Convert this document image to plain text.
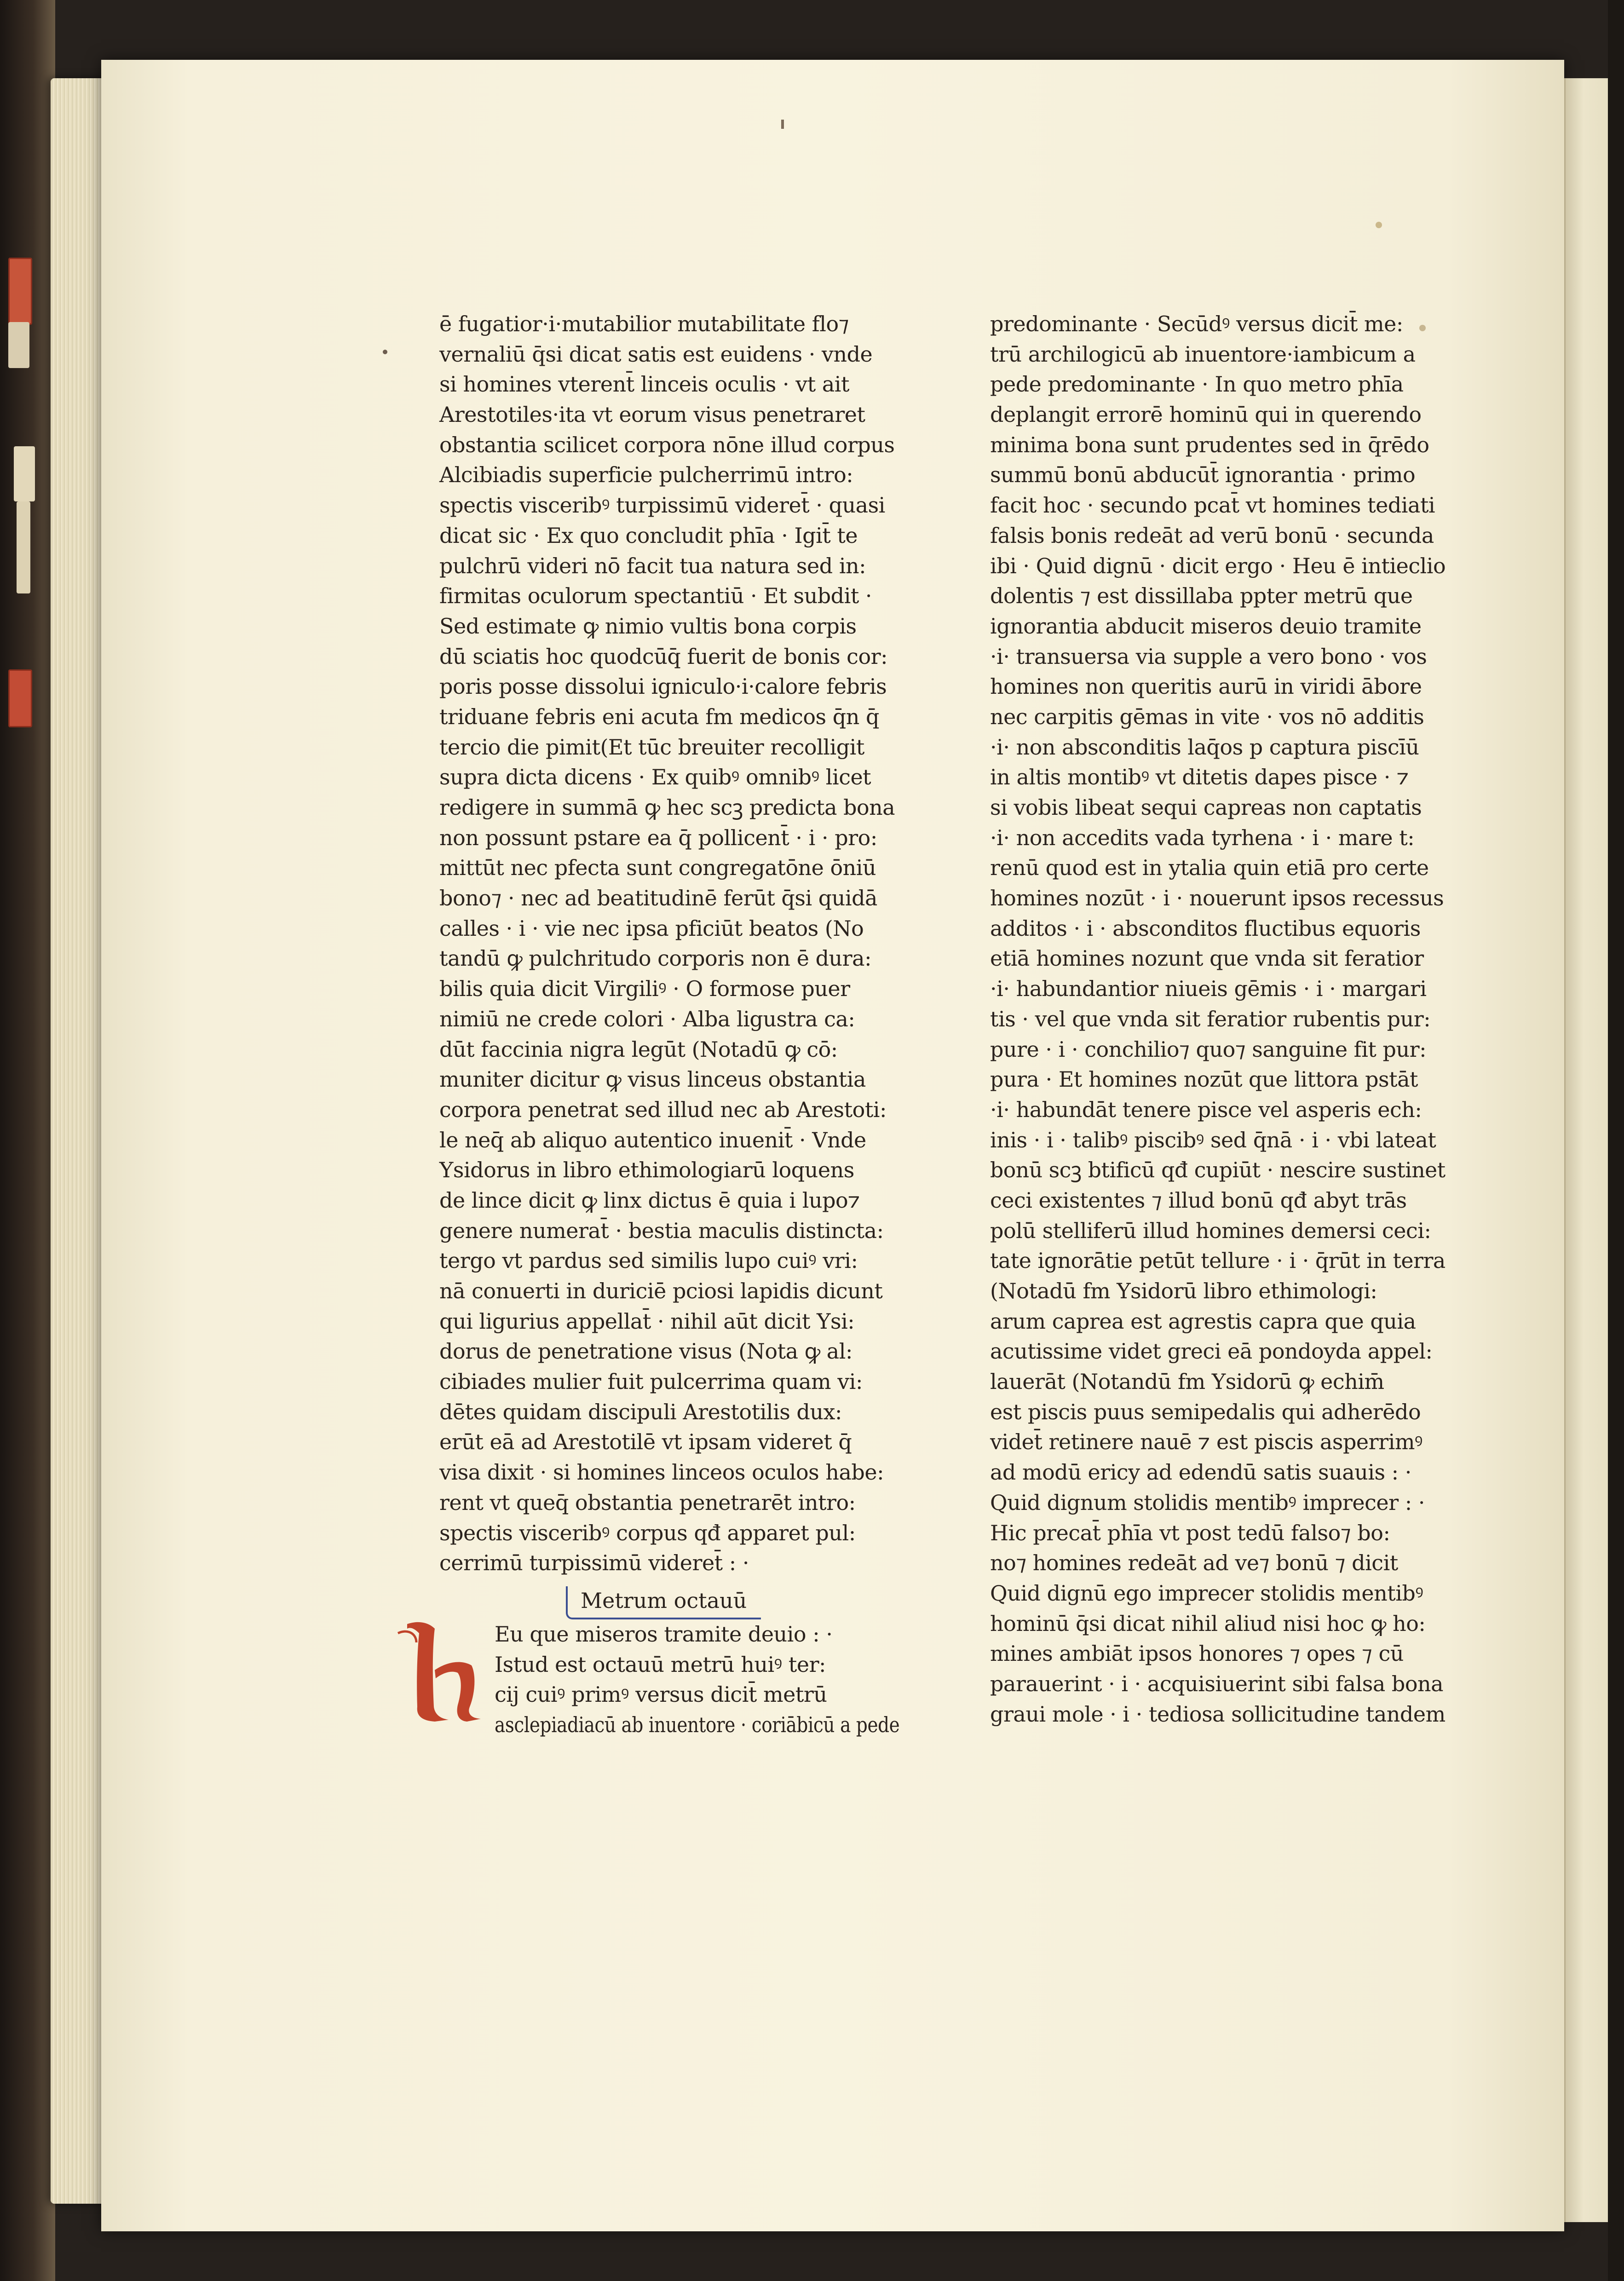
ē fugatior·i·mutabilior mutabilitate flo⁊
vernaliū q̄si dicat satis est euidens · vnde
si homines vterent̄ linceis oculis · vt ait
Arestotiles·ita vt eorum visus penetraret
obstantia scilicet corpora nōne illud corpus
Alcibiadis superficie pulcherrimū intro:
spectis visceribꝰ turpissimū videret̄ · quasi
dicat sic · Ex quo concludit phīa · Igit̄ te
pulchrū videri nō facit tua natura sed in:
firmitas oculorum spectantiū · Et subdit ·
Sed estimate ꝙ nimio vultis bona corpis
dū sciatis hoc quodcūq̄ fuerit de bonis cor:
poris posse dissolui igniculo·i·calore febris
triduane febris eni acuta fm medicos q̄n q̄
tercio die pimit(Et tūc breuiter recolligit
supra dicta dicens · Ex quibꝰ omnibꝰ licet
redigere in summā ꝙ hec scꝫ predicta bona
non possunt pstare ea q̄ pollicent̄ · i · pro:
mittūt nec pfecta sunt congregatōne ōniū
bono⁊ · nec ad beatitudinē ferūt q̄si quidā
calles · i · vie nec ipsa pficiūt beatos (No
tandū ꝙ pulchritudo corporis non ē dura:
bilis quia dicit Virgiliꝰ · O formose puer
nimiū ne crede colori · Alba ligustra ca:
dūt faccinia nigra legūt (Notadū ꝙ cō:
muniter dicitur ꝙ visus linceus obstantia
corpora penetrat sed illud nec ab Arestoti:
le neq̄ ab aliquo autentico inuenit̄ · Vnde
Ysidorus in libro ethimologiarū loquens
de lince dicit ꝙ linx dictus ē quia i lupo⁊
genere numerat̄ · bestia maculis distincta:
tergo vt pardus sed similis lupo cuiꝰ vri:
nā conuerti in duriciē pciosi lapidis dicunt
qui ligurius appellat̄ · nihil aūt dicit Ysi:
dorus de penetratione visus (Nota ꝙ al:
cibiades mulier fuit pulcerrima quam vi:
dētes quidam discipuli Arestotilis dux:
erūt eā ad Arestotilē vt ipsam videret q̄
visa dixit · si homines linceos oculos habe:
rent vt queq̄ obstantia penetrarēt intro:
spectis visceribꝰ corpus qđ apparet pul:
cerrimū turpissimū videret̄ : ·
Metrum octauū
Eu que miseros tramite deuio : ·
Istud est octauū metrū huiꝰ ter:
cij cuiꝰ primꝰ versus dicit̄ metrū
asclepiadiacū ab inuentore · coriābicū a pede
predominante · Secūdꝰ versus dicit̄ me:
trū archilogicū ab inuentore·iambicum a
pede predominante · In quo metro phīa
deplangit errorē hominū qui in querendo
minima bona sunt prudentes sed in q̄rēdo
summū bonū abducūt̄ ignorantia · primo
facit hoc · secundo pcat̄ vt homines tediati
falsis bonis redeāt ad verū bonū · secunda
ibi · Quid dignū · dicit ergo · Heu ē intieclio
dolentis ⁊ est dissillaba ppter metrū que
ignorantia abducit miseros deuio tramite
·i· transuersa via supple a vero bono · vos
homines non queritis aurū in viridi ābore
nec carpitis gēmas in vite · vos nō additis
·i· non absconditis laq̄os p captura piscīū
in altis montibꝰ vt ditetis dapes pisce · ⁊
si vobis libeat sequi capreas non captatis
·i· non accedits vada tyrhena · i · mare t:
renū quod est in ytalia quin etiā pro certe
homines nozūt · i · nouerunt ipsos recessus
additos · i · absconditos fluctibus equoris
etiā homines nozunt que vnda sit feratior
·i· habundantior niueis gēmis · i · margari
tis · vel que vnda sit feratior rubentis pur:
pure · i · conchilio⁊ quo⁊ sanguine fit pur:
pura · Et homines nozūt que littora pstāt
·i· habundāt tenere pisce vel asperis ech:
inis · i · talibꝰ piscibꝰ sed q̄nā · i · vbi lateat
bonū scꝫ btificū qđ cupiūt · nescire sustinet
ceci existentes ⁊ illud bonū qđ abyt trās
polū stelliferū illud homines demersi ceci:
tate ignorātie petūt tellure · i · q̄rūt in terra
(Notadū fm Ysidorū libro ethimologi:
arum caprea est agrestis capra que quia
acutissime videt greci eā pondoyda appel:
lauerāt (Notandū fm Ysidorū ꝙ echim̄
est piscis puus semipedalis qui adherēdo
videt̄ retinere nauē ⁊ est piscis asperrimꝰ
ad modū ericy ad edendū satis suauis : ·
Quid dignum stolidis mentibꝰ imprecer : ·
Hic precat̄ phīa vt post tedū falso⁊ bo:
no⁊ homines redeāt ad ve⁊ bonū ⁊ dicit
Quid dignū ego imprecer stolidis mentibꝰ
hominū q̄si dicat nihil aliud nisi hoc ꝙ ho:
mines ambiāt ipsos honores ⁊ opes ⁊ cū
parauerint · i · acquisiuerint sibi falsa bona
graui mole · i · tediosa sollicitudine tandem
